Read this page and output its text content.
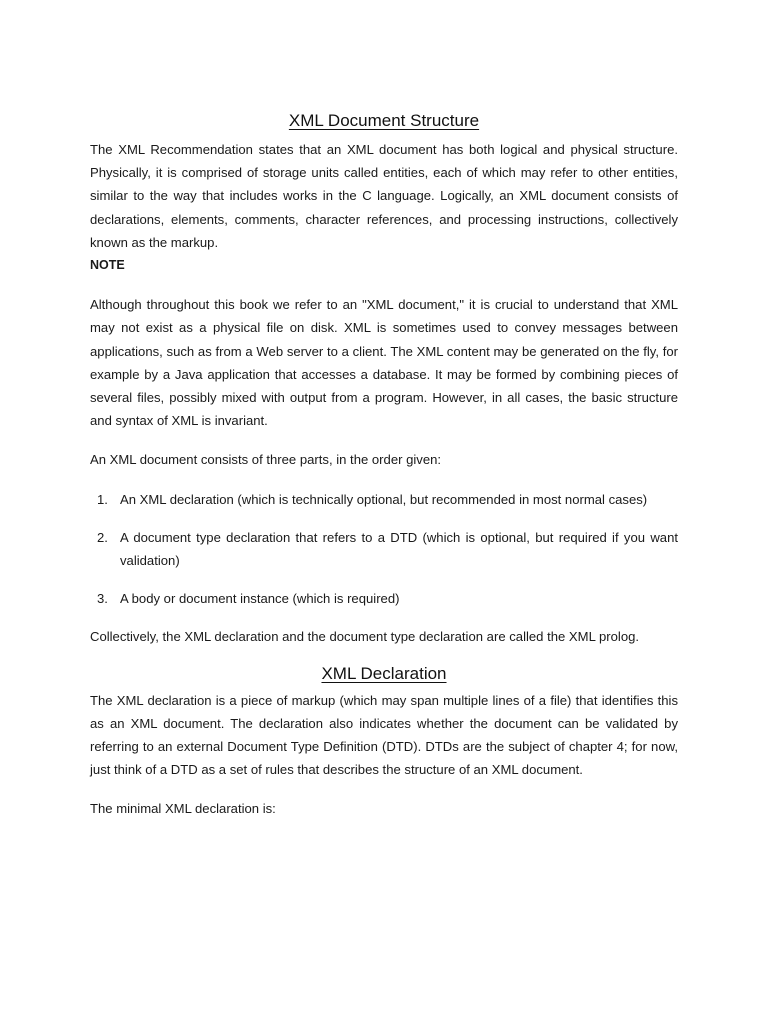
XML Document Structure

The XML Recommendation states that an XML document has both logical and physical structure. Physically, it is comprised of storage units called entities, each of which may refer to other entities, similar to the way that includes works in the C language. Logically, an XML document consists of declarations, elements, comments, character references, and processing instructions, collectively known as the markup.

NOTE

Although throughout this book we refer to an "XML document," it is crucial to understand that XML may not exist as a physical file on disk. XML is sometimes used to convey messages between applications, such as from a Web server to a client. The XML content may be generated on the fly, for example by a Java application that accesses a database. It may be formed by combining pieces of several files, possibly mixed with output from a program. However, in all cases, the basic structure and syntax of XML is invariant.

An XML document consists of three parts, in the order given:

1. An XML declaration (which is technically optional, but recommended in most normal cases)
2. A document type declaration that refers to a DTD (which is optional, but required if you want validation)
3. A body or document instance (which is required)

Collectively, the XML declaration and the document type declaration are called the XML prolog.

XML Declaration

The XML declaration is a piece of markup (which may span multiple lines of a file) that identifies this as an XML document. The declaration also indicates whether the document can be validated by referring to an external Document Type Definition (DTD). DTDs are the subject of chapter 4; for now, just think of a DTD as a set of rules that describes the structure of an XML document.

The minimal XML declaration is:
